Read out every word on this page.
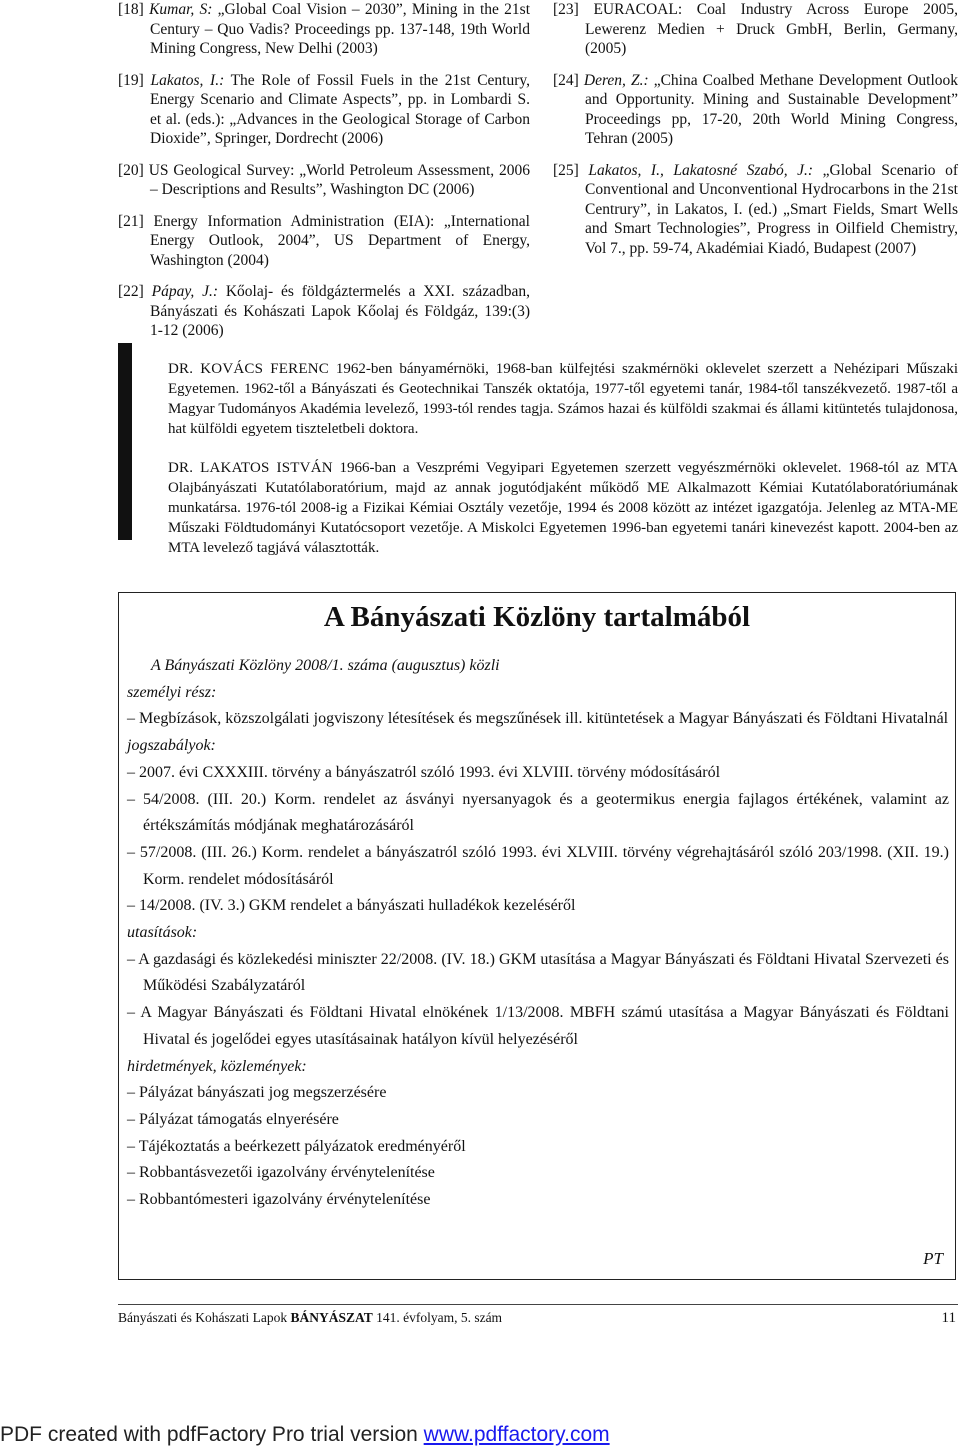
[18] Kumar, S: „Global Coal Vision – 2030”, Mining in the 21st Century – Quo Vadis? Proceedings pp. 137-148, 19th World Mining Congress, New Delhi (2003)

[19] Lakatos, I.: The Role of Fossil Fuels in the 21st Century, Energy Scenario and Climate Aspects”, pp. in Lombardi S. et al. (eds.): „Advances in the Geological Storage of Carbon Dioxide”, Springer, Dordrecht (2006)

[20] US Geological Survey: „World Petroleum Assessment, 2006 – Descriptions and Results”, Washington DC (2006)

[21] Energy Information Administration (EIA): „International Energy Outlook, 2004”, US Department of Energy, Washington (2004)

[22] Pápay, J.: Kőolaj- és földgáztermelés a XXI. században, Bányászati és Kohászati Lapok Kőolaj és Földgáz, 139:(3) 1-12 (2006)

[23] EURACOAL: Coal Industry Across Europe 2005, Lewerenz Medien + Druck GmbH, Berlin, Germany, (2005)

[24] Deren, Z.: „China Coalbed Methane Development Outlook and Opportunity. Mining and Sustainable Development” Proceedings pp, 17-20, 20th World Mining Congress, Tehran (2005)

[25] Lakatos, I., Lakatosné Szabó, J.: „Global Scenario of Conventional and Unconventional Hydrocarbons in the 21st Centrury”, in Lakatos, I. (ed.) „Smart Fields, Smart Wells and Smart Technologies”, Progress in Oilfield Chemistry, Vol 7., pp. 59-74, Akadémiai Kiadó, Budapest (2007)

DR. KOVÁCS FERENC 1962-ben bányamérnöki, 1968-ban külfejtési szakmérnöki oklevelet szerzett a Nehézipari Műszaki Egyetemen. 1962-től a Bányászati és Geotechnikai Tanszék oktatója, 1977-től egyetemi tanár, 1984-től tanszékvezető. 1987-től a Magyar Tudományos Akadémia levelező, 1993-tól rendes tagja. Számos hazai és külföldi szakmai és állami kitüntetés tulajdonosa, hat külföldi egyetem tiszteletbeli doktora.

DR. LAKATOS ISTVÁN 1966-ban a Veszprémi Vegyipari Egyetemen szerzett vegyészmérnöki oklevelet. 1968-tól az MTA Olajbányászati Kutatólaboratórium, majd az annak jogutódjaként működő ME Alkalmazott Kémiai Kutatólaboratóriumának munkatársa. 1976-tól 2008-ig a Fizikai Kémiai Osztály vezetője, 1994 és 2008 között az intézet igazgatója. Jelenleg az MTA-ME Műszaki Földtudományi Kutatócsoport vezetője. A Miskolci Egyetemen 1996-ban egyetemi tanári kinevezést kapott. 2004-ben az MTA levelező tagjává választották.

A Bányászati Közlöny tartalmából
A Bányászati Közlöny 2008/1. száma (augusztus) közli
személyi rész:
– Megbízások, közszolgálati jogviszony létesítések és megszűnések ill. kitüntetések a Magyar Bányászati és Földtani Hivatalnál
jogszabályok:
– 2007. évi CXXXIII. törvény a bányászatról szóló 1993. évi XLVIII. törvény módosításáról
– 54/2008. (III. 20.) Korm. rendelet az ásványi nyersanyagok és a geotermikus energia fajlagos értékének, valamint az értékszámítás módjának meghatározásáról
– 57/2008. (III. 26.) Korm. rendelet a bányászatról szóló 1993. évi XLVIII. törvény végrehajtásáról szóló 203/1998. (XII. 19.) Korm. rendelet módosításáról
– 14/2008. (IV. 3.) GKM rendelet a bányászati hulladékok kezeléséről
utasítások:
– A gazdasági és közlekedési miniszter 22/2008. (IV. 18.) GKM utasítása a Magyar Bányászati és Földtani Hivatal Szervezeti és Működési Szabályzatáról
– A Magyar Bányászati és Földtani Hivatal elnökének 1/13/2008. MBFH számú utasítása a Magyar Bányászati és Földtani Hivatal és jogelődei egyes utasításainak hatályon kívül helyezéséről
hirdetmények, közlemények:
– Pályázat bányászati jog megszerzésére
– Pályázat támogatás elnyerésére
– Tájékoztatás a beérkezett pályázatok eredményéről
– Robbantásvezetői igazolvány érvénytelenítése
– Robbantómesteri igazolvány érvénytelenítése
PT
Bányászati és Kohászati Lapok BÁNYÁSZAT 141. évfolyam, 5. szám	11
PDF created with pdfFactory Pro trial version www.pdffactory.com
